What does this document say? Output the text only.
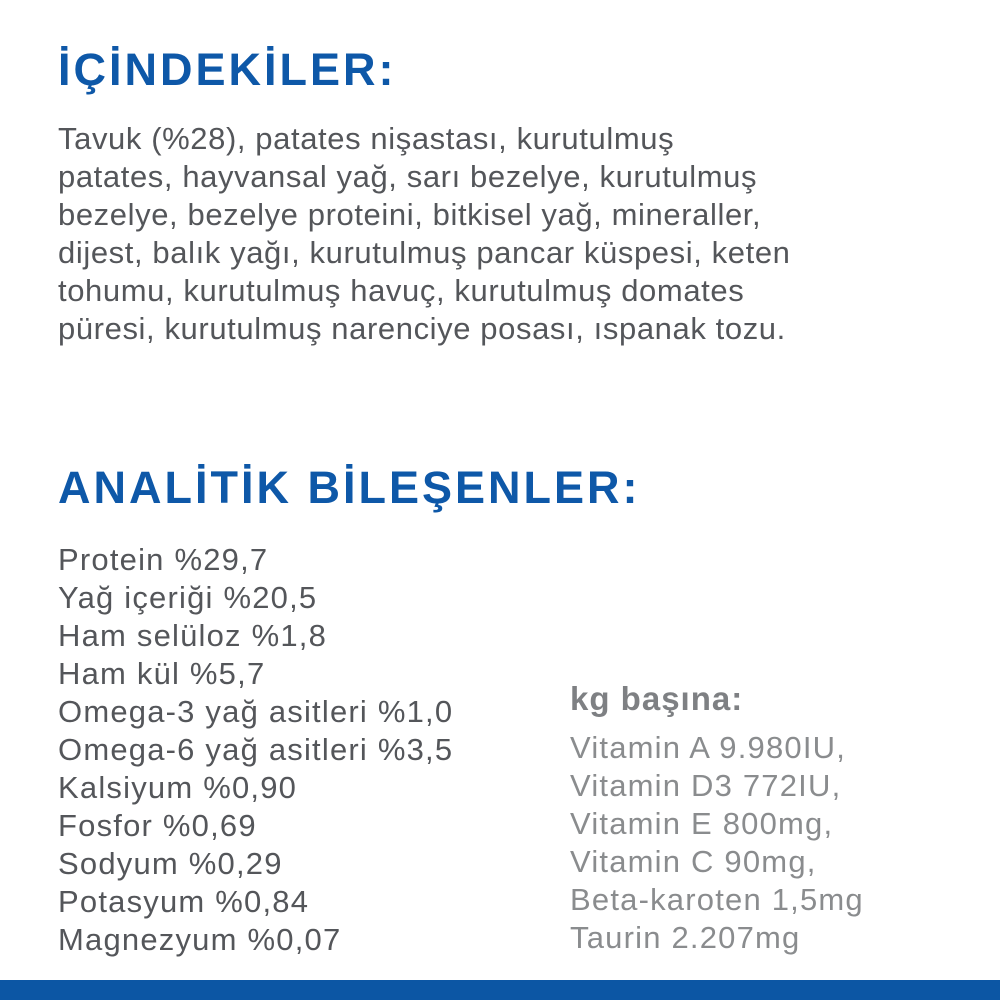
İÇİNDEKİLER:
Tavuk (%28), patates nişastası, kurutulmuş
patates, hayvansal yağ, sarı bezelye, kurutulmuş
bezelye, bezelye proteini, bitkisel yağ, mineraller,
dijest, balık yağı, kurutulmuş pancar küspesi, keten
tohumu, kurutulmuş havuç, kurutulmuş domates
püresi, kurutulmuş narenciye posası, ıspanak tozu.
ANALİTİK BİLEŞENLER:
Protein %29,7
Yağ içeriği %20,5
Ham selüloz %1,8
Ham kül %5,7
Omega-3 yağ asitleri %1,0
Omega-6 yağ asitleri %3,5
Kalsiyum %0,90
Fosfor %0,69
Sodyum %0,29
Potasyum %0,84
Magnezyum %0,07
kg başına:
Vitamin A 9.980IU,
Vitamin D3 772IU,
Vitamin E 800mg,
Vitamin C 90mg,
Beta-karoten 1,5mg
Taurin 2.207mg
